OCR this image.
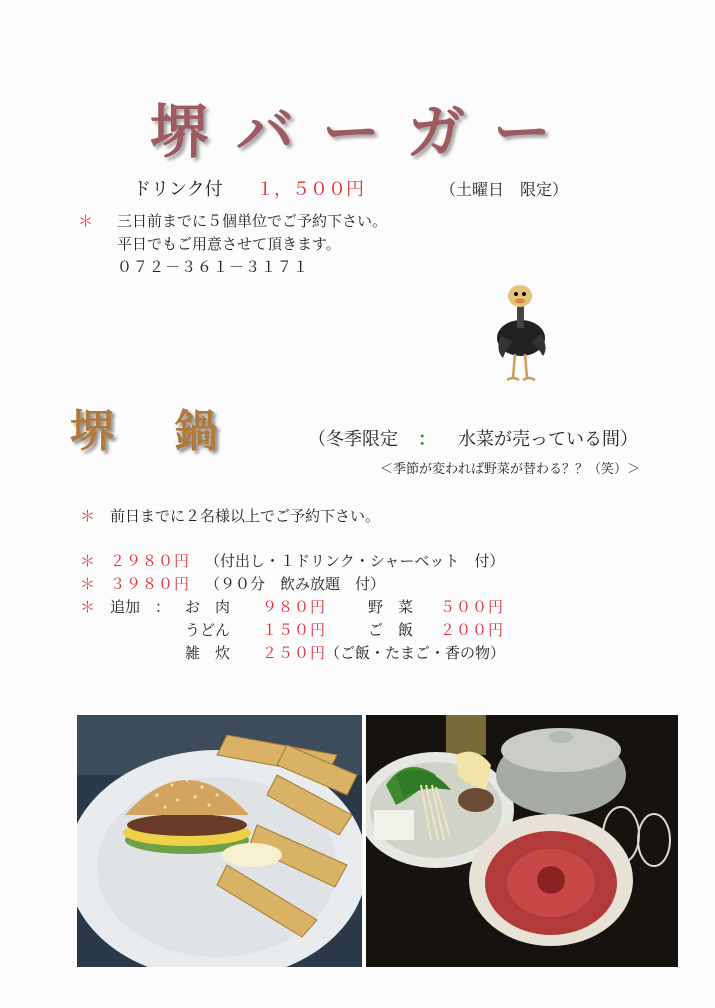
堺バーガー
ドリンク付 １，５００円	（土曜日　限定）
＊ 三日前までに５個単位でご予約下さい。
平日でもご用意させて頂きます。
０７２－３６１－３１７１
堺 鍋	（冬季限定 ： 水菜が売っている間）
＜季節が変われば野菜が替わる？？（笑）＞
＊ 前日までに２名様以上でご予約下さい。
＊ ２９８０円 （付出し・１ドリンク・シャーベット　付）
＊ ３９８０円 （９０分　飲み放題　付）
＊ 追加　： お　肉 ９８０円	野　菜 ５００円
うどん １５０円	ご　飯 ２００円
雑　炊 ２５０円
（ご飯・たまご・香の物）
